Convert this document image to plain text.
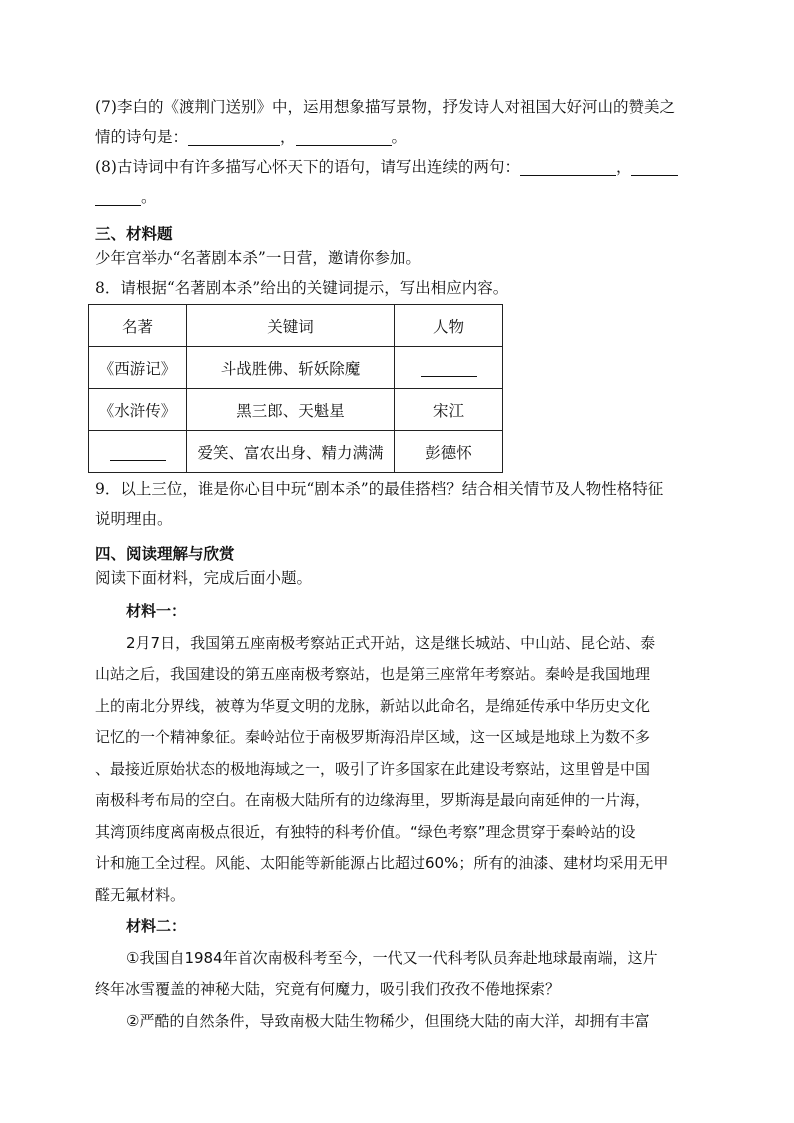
(7)李白的《渡荆门送别》中，运用想象描写景物，抒发诗人对祖国大好河山的赞美之

情的诗句是：	，	。

(8)古诗词中有许多描写心怀天下的语句，请写出连续的两句：	，

。

三、材料题

少年宫举办“名著剧本杀”一日营，邀请你参加。

8．请根据“名著剧本杀”给出的关键词提示，写出相应内容。

名著	关键词	人物
《西游记》	斗战胜佛、斩妖除魔	
《水浒传》	黑三郎、天魁星	宋江
	爱笑、富农出身、精力满满	彭德怀

9．以上三位，谁是你心目中玩“剧本杀”的最佳搭档？结合相关情节及人物性格特征

说明理由。

四、阅读理解与欣赏

阅读下面材料，完成后面小题。

材料一：

2月7日，我国第五座南极考察站正式开站，这是继长城站、中山站、昆仑站、泰

山站之后，我国建设的第五座南极考察站，也是第三座常年考察站。秦岭是我国地理

上的南北分界线，被尊为华夏文明的龙脉，新站以此命名，是绵延传承中华历史文化

记忆的一个精神象征。秦岭站位于南极罗斯海沿岸区域，这一区域是地球上为数不多

、最接近原始状态的极地海域之一，吸引了许多国家在此建设考察站，这里曾是中国

南极科考布局的空白。在南极大陆所有的边缘海里，罗斯海是最向南延伸的一片海，

其湾顶纬度离南极点很近，有独特的科考价值。“绿色考察”理念贯穿于秦岭站的设

计和施工全过程。风能、太阳能等新能源占比超过60%；所有的油漆、建材均采用无甲

醛无氟材料。

材料二：

①我国自1984年首次南极科考至今，一代又一代科考队员奔赴地球最南端，这片

终年冰雪覆盖的神秘大陆，究竟有何魔力，吸引我们孜孜不倦地探索？

②严酷的自然条件，导致南极大陆生物稀少，但围绕大陆的南大洋，却拥有丰富
